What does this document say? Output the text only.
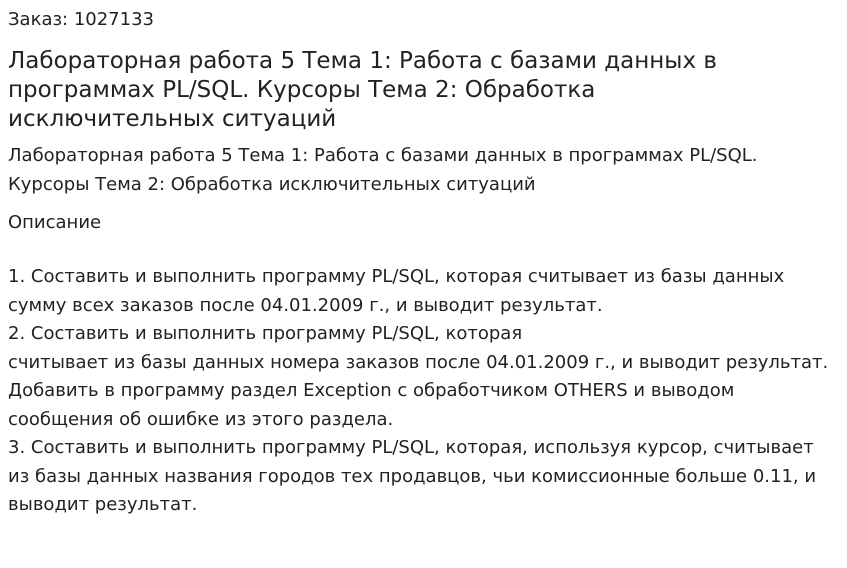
Заказ: 1027133

Лабораторная работа 5 Тема 1: Работа с базами данных в программах PL/SQL. Курсоры Тема 2: Обработка исключительных ситуаций

Лабораторная работа 5 Тема 1: Работа с базами данных в программах PL/SQL. Курсоры Тема 2: Обработка исключительных ситуаций

Описание

1. Составить и выполнить программу PL/SQL, которая считывает из базы данных сумму всех заказов после 04.01.2009 г., и выводит результат.
2. Составить и выполнить программу PL/SQL, которая
считывает из базы данных номера заказов после 04.01.2009 г., и выводит результат. Добавить в программу раздел Exception с обработчиком OTHERS и выводом сообщения об ошибке из этого раздела.
3. Составить и выполнить программу PL/SQL, которая, используя курсор, считывает из базы данных названия городов тех продавцов, чьи комиссионные больше 0.11, и выводит результат.
